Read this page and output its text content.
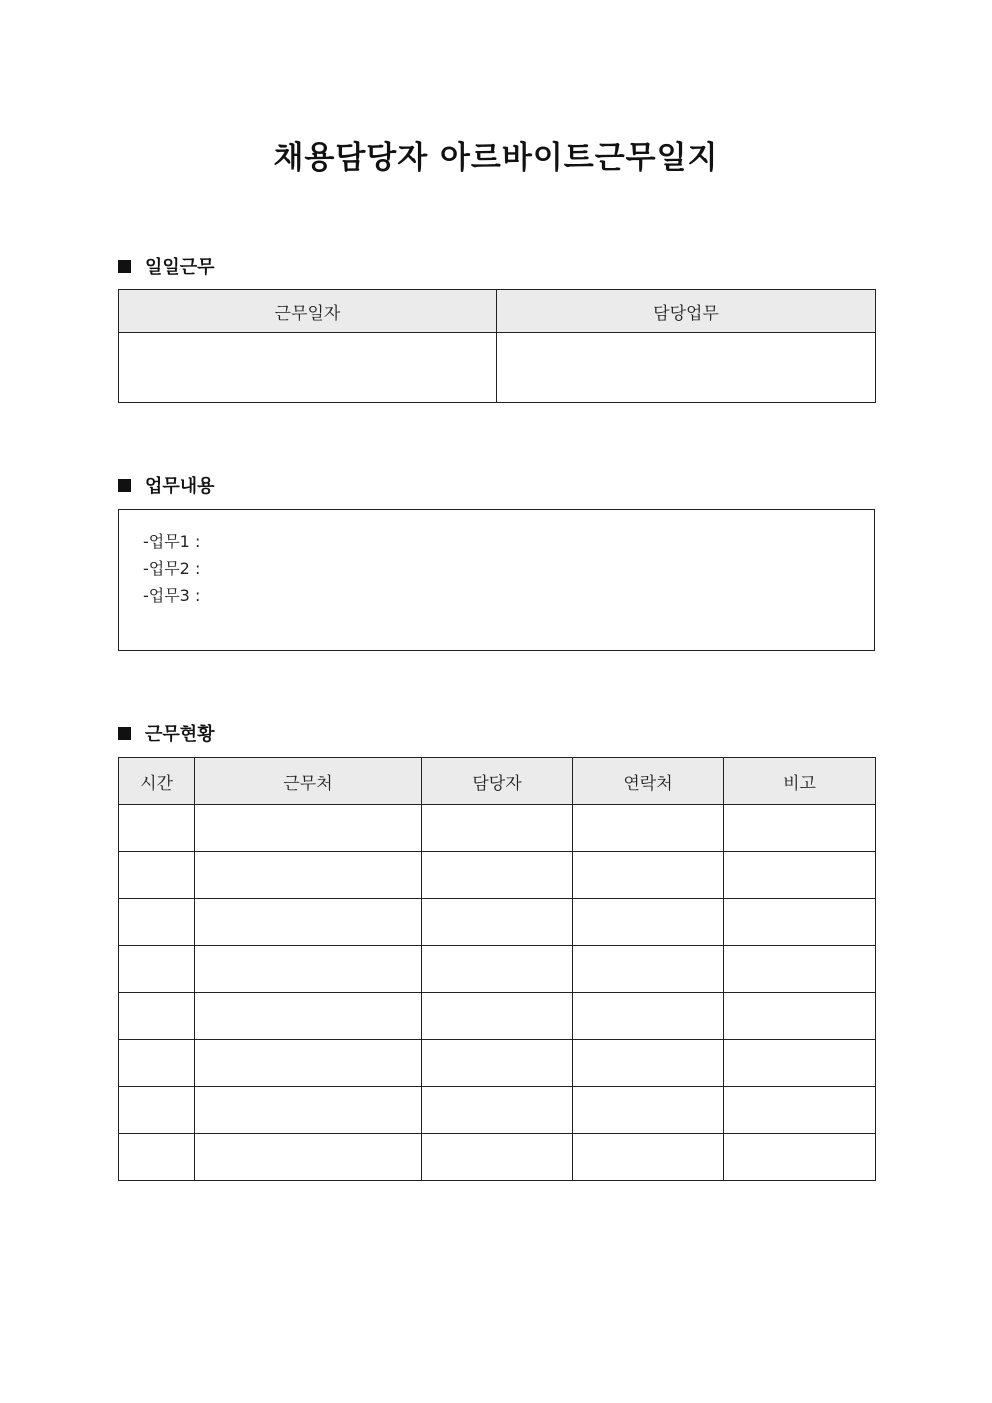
채용담당자 아르바이트근무일지
일일근무
근무일자	담당업무

업무내용
-업무1 :
-업무2 :
-업무3 :
근무현황
시간	근무처	담당자	연락처	비고
